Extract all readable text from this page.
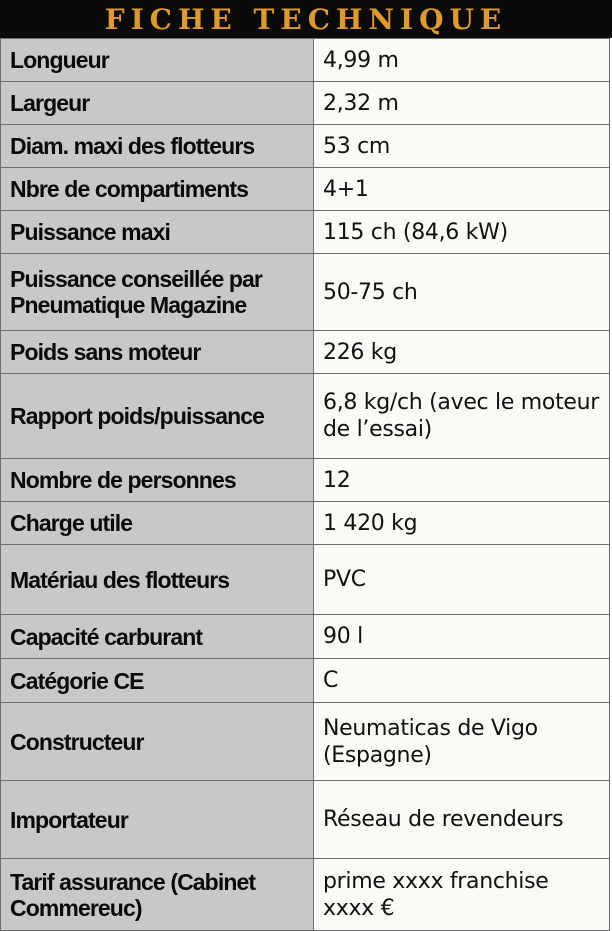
FICHE TECHNIQUE
Longueur	4,99 m
Largeur	2,32 m
Diam. maxi des flotteurs	53 cm
Nbre de compartiments	4+1
Puissance maxi	115 ch (84,6 kW)
Puissance conseillée par Pneumatique Magazine	50-75 ch
Poids sans moteur	226 kg
Rapport poids/puissance	6,8 kg/ch (avec le moteur de l’essai)
Nombre de personnes	12
Charge utile	1 420 kg
Matériau des flotteurs	PVC
Capacité carburant	90 l
Catégorie CE	C
Constructeur	Neumaticas de Vigo (Espagne)
Importateur	Réseau de revendeurs
Tarif assurance (Cabinet Commereuc)	prime xxxx franchise xxxx €
